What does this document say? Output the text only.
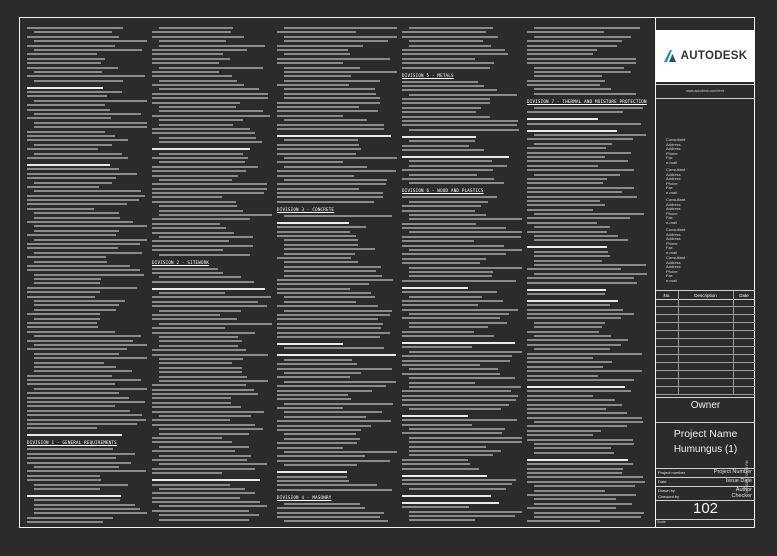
DIVISION 1 - GENERAL REQUIREMENTS
DIVISION 2 - SITEWORK
DIVISION 3 - CONCRETE
DIVISION 4 - MASONRY
DIVISION 5 - METALS
DIVISION 6 - WOOD AND PLASTICS
DIVISION 7 - THERMAL AND MOISTURE PROTECTION
AUTODESK
www.autodesk.com/revit
Consultant
Address
Address
Phone
Fax
e-mail
Consultant
Address
Address
Phone
Fax
e-mail
Consultant
Address
Address
Phone
Fax
e-mail
Consultant
Address
Address
Phone
Fax
e-mail
Consultant
Address
Address
Phone
Fax
e-mail
No.	Description	Date
Owner
Project Name
Humungus (1)
Project number	Project Number
Date	Issue Date
Drawn by	Author
Checked by	Checker
102
Scale
1/9/2019 7:06:38 PM
